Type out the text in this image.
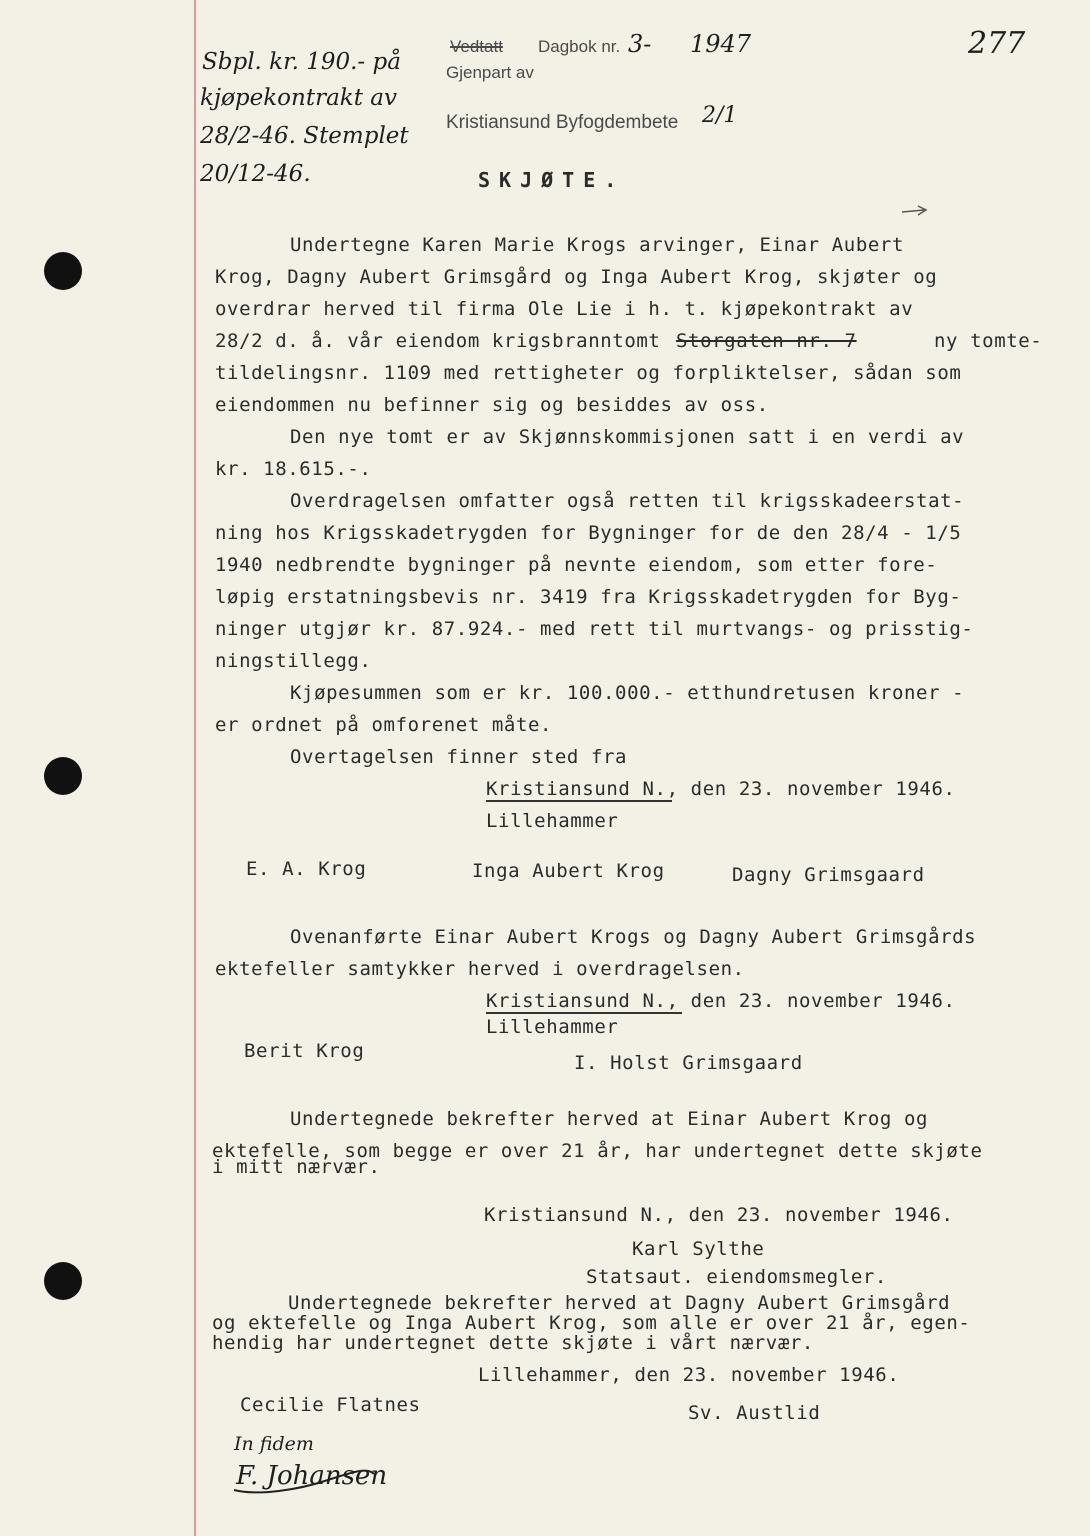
Sbpl. kr. 190.- på
kjøpekontrakt av
28/2-46. Stemplet
20/12-46.
Vedtatt Dagbok nr. 3- 1947
Gjenpart av
Kristiansund Byfogdembete 2/1
277
SKJØTE.
Undertegne Karen Marie Krogs arvinger, Einar Aubert
Krog, Dagny Aubert Grimsgård og Inga Aubert Krog, skjøter og
overdrar herved til firma Ole Lie i h. t. kjøpekontrakt av
28/2 d. å. vår eiendom krigsbranntomt Storgaten nr. 7	ny tomte-
tildelingsnr. 1109 med rettigheter og forpliktelser, sådan som
eiendommen nu befinner sig og besiddes av oss.
Den nye tomt er av Skjønnskommisjonen satt i en verdi av
kr. 18.615.-.
Overdragelsen omfatter også retten til krigsskadeerstat-
ning hos Krigsskadetrygden for Bygninger for de den 28/4 - 1/5
1940 nedbrendte bygninger på nevnte eiendom, som etter fore-
løpig erstatningsbevis nr. 3419 fra Krigsskadetrygden for Byg-
ninger utgjør kr. 87.924.- med rett til murtvangs- og prisstig-
ningstillegg.
Kjøpesummen som er kr. 100.000.- etthundretusen kroner -
er ordnet på omforenet måte.
Overtagelsen finner sted fra
Kristiansund N., den 23. november 1946.
Lillehammer
E. A. Krog	Inga Aubert Krog	Dagny Grimsgaard
Ovenanførte Einar Aubert Krogs og Dagny Aubert Grimsgårds
ektefeller samtykker herved i overdragelsen.
Kristiansund N., den 23. november 1946.
Lillehammer
Berit Krog
I. Holst Grimsgaard
Undertegnede bekrefter herved at Einar Aubert Krog og
ektefelle, som begge er over 21 år, har undertegnet dette skjøte
i mitt nærvær.
Kristiansund N., den 23. november 1946.
Karl Sylthe
Statsaut. eiendomsmegler.
Undertegnede bekrefter herved at Dagny Aubert Grimsgård
og ektefelle og Inga Aubert Krog, som alle er over 21 år, egen-
hendig har undertegnet dette skjøte i vårt nærvær.
Lillehammer, den 23. november 1946.
Cecilie Flatnes	Sv. Austlid
In fidem
F. Johansen
